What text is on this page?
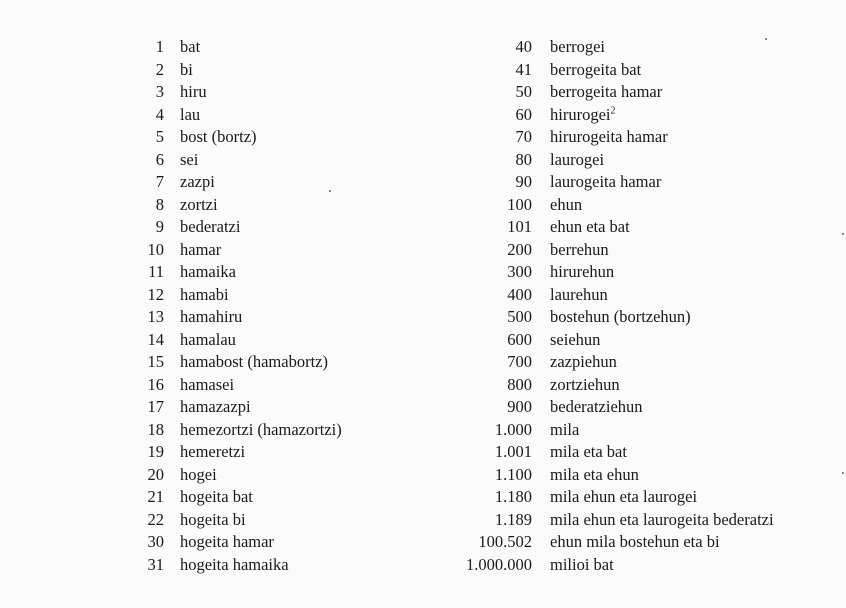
1 bat
2 bi
3 hiru
4 lau
5 bost (bortz)
6 sei
7 zazpi
8 zortzi
9 bederatzi
10 hamar
11 hamaika
12 hamabi
13 hamahiru
14 hamalau
15 hamabost (hamabortz)
16 hamasei
17 hamazazpi
18 hemezortzi (hamazortzi)
19 hemeretzi
20 hogei
21 hogeita bat
22 hogeita bi
30 hogeita hamar
31 hogeita hamaika
40 berrogei
41 berrogeita bat
50 berrogeita hamar
60 hirurogei$^2$
70 hirurogeita hamar
80 laurogei
90 laurogeita hamar
100 ehun
101 ehun eta bat
200 berrehun
300 hirurehun
400 laurehun
500 bostehun (bortzehun)
600 seiehun
700 zazpiehun
800 zortziehun
900 bederatziehun
1.000 mila
1.001 mila eta bat
1.100 mila eta ehun
1.180 mila ehun eta laurogei
1.189 mila ehun eta laurogeita bederatzi
100.502 ehun mila bostehun eta bi
1.000.000 milioi bat
